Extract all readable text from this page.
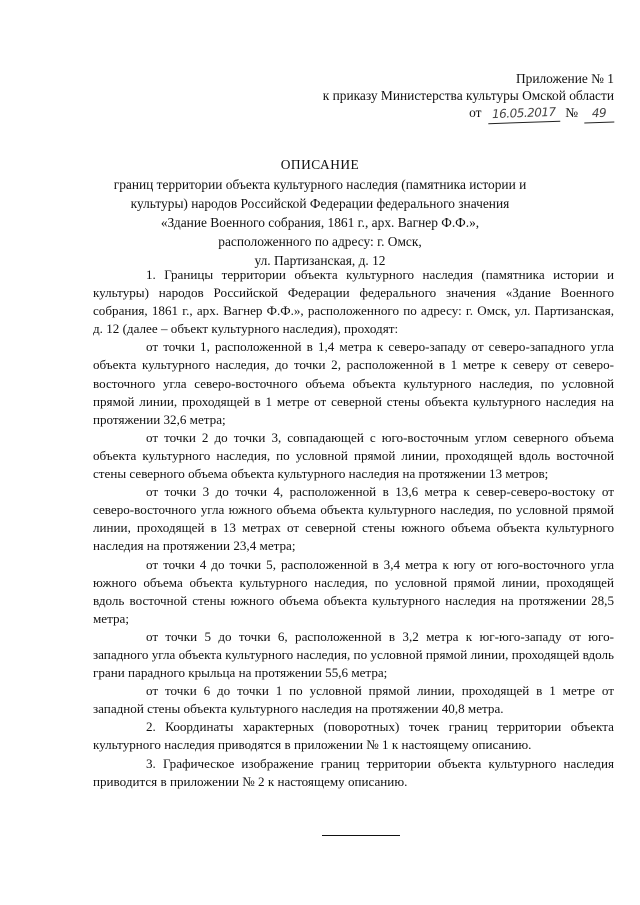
Приложение № 1
к приказу Министерства культуры Омской области
от 16.05.2017 №	49
ОПИСАНИЕ
границ территории объекта культурного наследия (памятника истории и
культуры) народов Российской Федерации федерального значения
«Здание Военного собрания, 1861 г., арх. Вагнер Ф.Ф.»,
расположенного по адресу: г. Омск,
ул. Партизанская, д. 12

1. Границы территории объекта культурного наследия (памятника истории и культуры) народов Российской Федерации федерального значения «Здание Военного собрания, 1861 г., арх. Вагнер Ф.Ф.», расположенного по адресу: г. Омск, ул. Партизанская, д. 12 (далее – объект культурного наследия), проходят:

от точки 1, расположенной в 1,4 метра к северо-западу от северо-западного угла объекта культурного наследия, до точки 2, расположенной в 1 метре к северу от северо-восточного угла северо-восточного объема объекта культурного наследия, по условной прямой линии, проходящей в 1 метре от северной стены объекта культурного наследия на протяжении 32,6 метра;

от точки 2 до точки 3, совпадающей с юго-восточным углом северного объема объекта культурного наследия, по условной прямой линии, проходящей вдоль восточной стены северного объема объекта культурного наследия на протяжении 13 метров;

от точки 3 до точки 4, расположенной в 13,6 метра к север-северо-востоку от северо-восточного угла южного объема объекта культурного наследия, по условной прямой линии, проходящей в 13 метрах от северной стены южного объема объекта культурного наследия на протяжении 23,4 метра;

от точки 4 до точки 5, расположенной в 3,4 метра к югу от юго-восточного угла южного объема объекта культурного наследия, по условной прямой линии, проходящей вдоль восточной стены южного объема объекта культурного наследия на протяжении 28,5 метра;

от точки 5 до точки 6, расположенной в 3,2 метра к юг-юго-западу от юго-западного угла объекта культурного наследия, по условной прямой линии, проходящей вдоль грани парадного крыльца на протяжении 55,6 метра;

от точки 6 до точки 1 по условной прямой линии, проходящей в 1 метре от западной стены объекта культурного наследия на протяжении 40,8 метра.

2. Координаты характерных (поворотных) точек границ территории объекта культурного наследия приводятся в приложении № 1 к настоящему описанию.

3. Графическое изображение границ территории объекта культурного наследия приводится в приложении № 2 к настоящему описанию.
